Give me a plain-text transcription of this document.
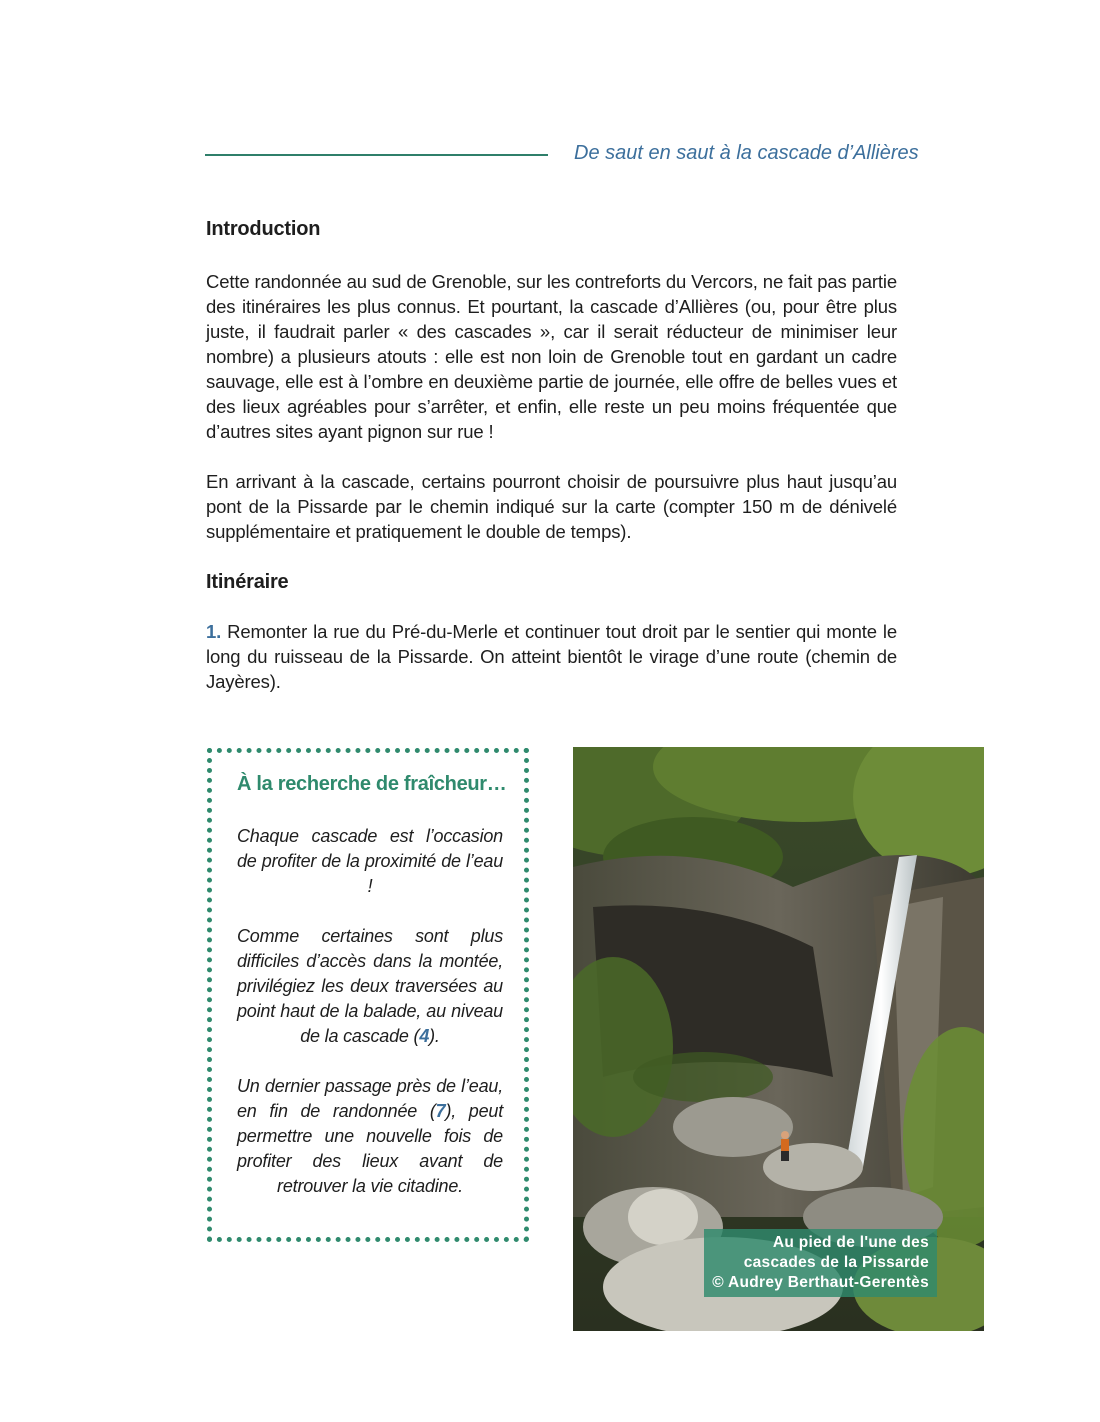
De saut en saut à la cascade d’Allières
Introduction

Cette randonnée au sud de Grenoble, sur les contreforts du Vercors, ne fait pas partie des itinéraires les plus connus. Et pourtant, la cascade d’Allières (ou, pour être plus juste, il faudrait parler « des cascades », car il serait réducteur de minimiser leur nombre) a plusieurs atouts : elle est non loin de Grenoble tout en gardant un cadre sauvage, elle est à l’ombre en deuxième partie de journée, elle offre de belles vues et des lieux agréables pour s’arrêter, et enfin, elle reste un peu moins fréquentée que d’autres sites ayant pignon sur rue !

En arrivant à la cascade, certains pourront choisir de poursuivre plus haut jusqu’au pont de la Pissarde par le chemin indiqué sur la carte (compter 150 m de dénivelé supplémentaire et pratiquement le double de temps).

Itinéraire

1. Remonter la rue du Pré-du-Merle et continuer tout droit par le sentier qui monte le long du ruisseau de la Pissarde. On atteint bientôt le virage d’une route (chemin de Jayères).

À la recherche de fraîcheur…

Chaque cascade est l’occasion de profiter de la proximité de l’eau !

Comme certaines sont plus difficiles d’accès dans la montée, privilégiez les deux traversées au point haut de la balade, au niveau de la cascade (4).

Un dernier passage près de l’eau, en fin de randonnée (7), peut permettre une nouvelle fois de profiter des lieux avant de retrouver la vie citadine.

Au pied de l'une des
cascades de la Pissarde
© Audrey Berthaut-Gerentès
